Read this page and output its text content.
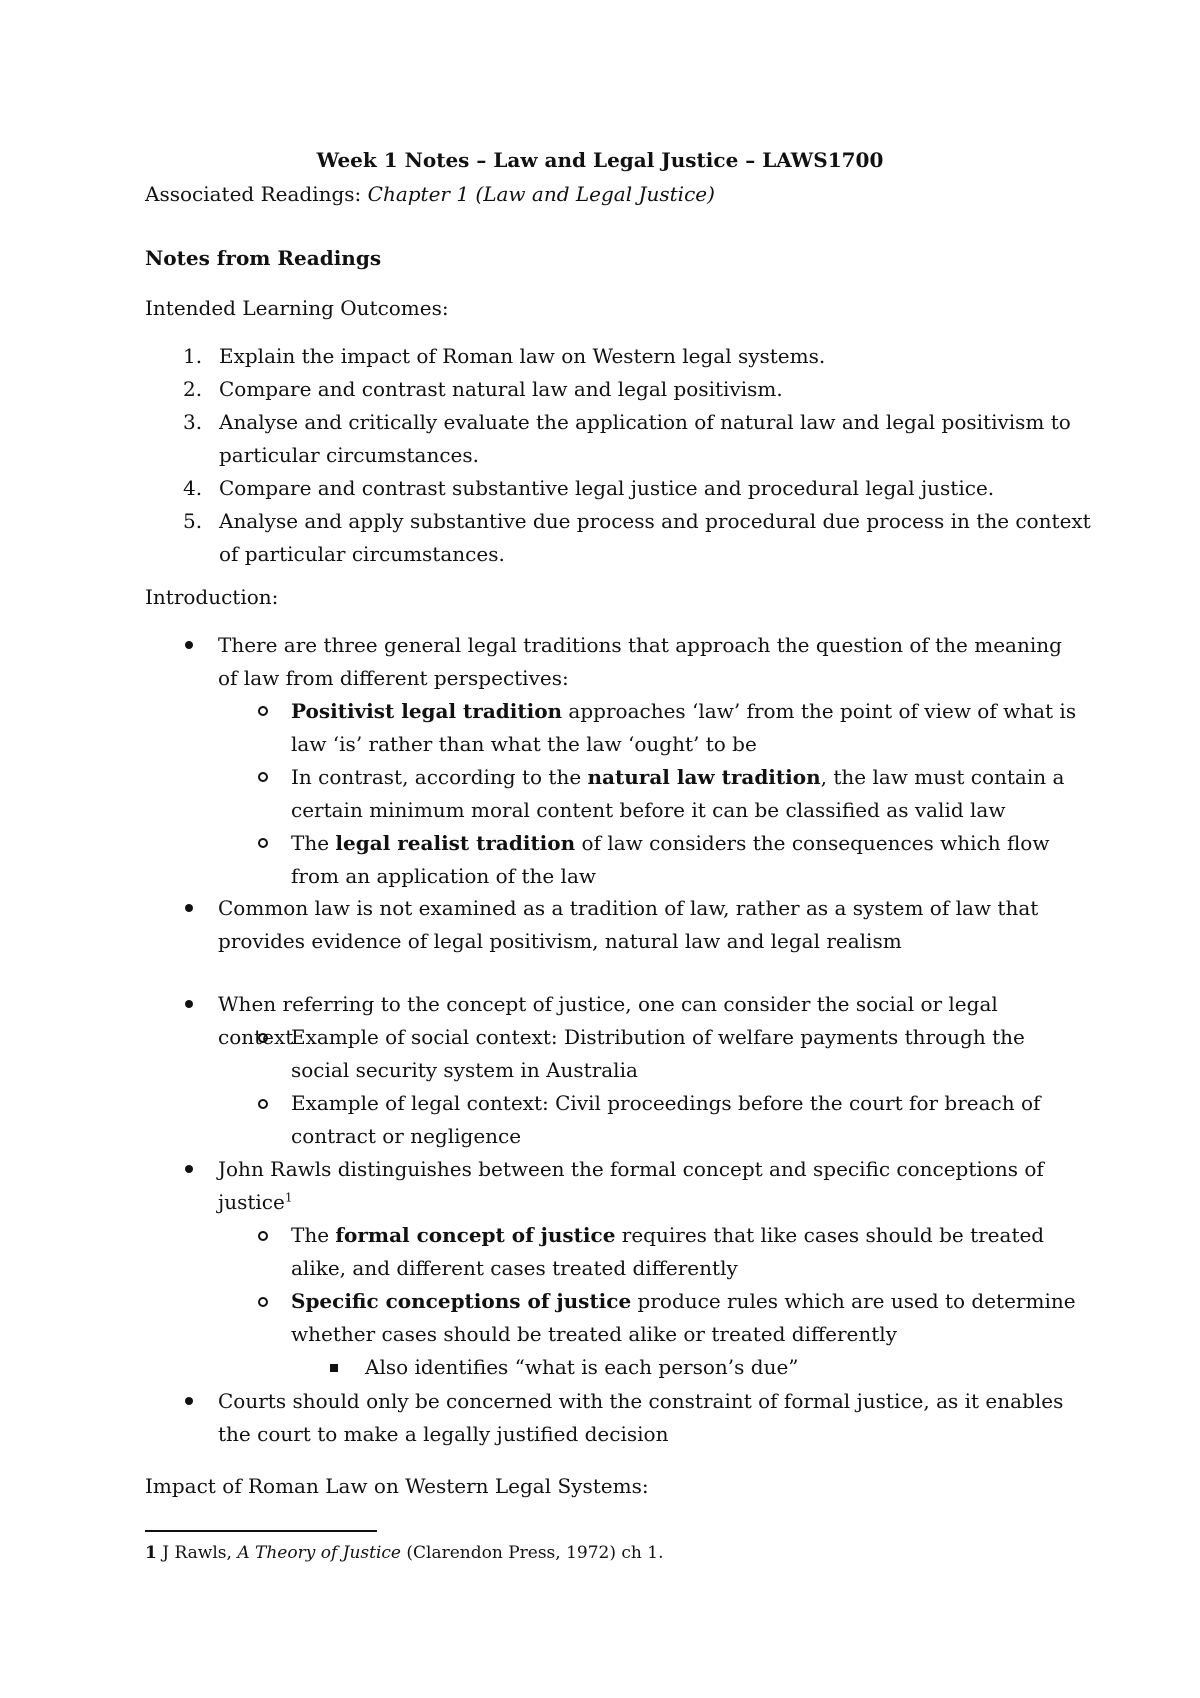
Week 1 Notes – Law and Legal Justice – LAWS1700
Associated Readings: Chapter 1 (Law and Legal Justice)
Notes from Readings
Intended Learning Outcomes:
1. Explain the impact of Roman law on Western legal systems.
2. Compare and contrast natural law and legal positivism.
3. Analyse and critically evaluate the application of natural law and legal positivism to particular circumstances.
4. Compare and contrast substantive legal justice and procedural legal justice.
5. Analyse and apply substantive due process and procedural due process in the context of particular circumstances.
Introduction:
There are three general legal traditions that approach the question of the meaning of law from different perspectives:
Positivist legal tradition approaches ‘law’ from the point of view of what is law ‘is’ rather than what the law ‘ought’ to be
In contrast, according to the natural law tradition, the law must contain a certain minimum moral content before it can be classified as valid law
The legal realist tradition of law considers the consequences which flow from an application of the law
Common law is not examined as a tradition of law, rather as a system of law that provides evidence of legal positivism, natural law and legal realism
When referring to the concept of justice, one can consider the social or legal context
Example of social context: Distribution of welfare payments through the social security system in Australia
Example of legal context: Civil proceedings before the court for breach of contract or negligence
John Rawls distinguishes between the formal concept and specific conceptions of justice$^1$
The formal concept of justice requires that like cases should be treated alike, and different cases treated differently
Specific conceptions of justice produce rules which are used to determine whether cases should be treated alike or treated differently
Also identifies “what is each person’s due”
Courts should only be concerned with the constraint of formal justice, as it enables the court to make a legally justified decision
Impact of Roman Law on Western Legal Systems:
1 J Rawls, A Theory of Justice (Clarendon Press, 1972) ch 1.
